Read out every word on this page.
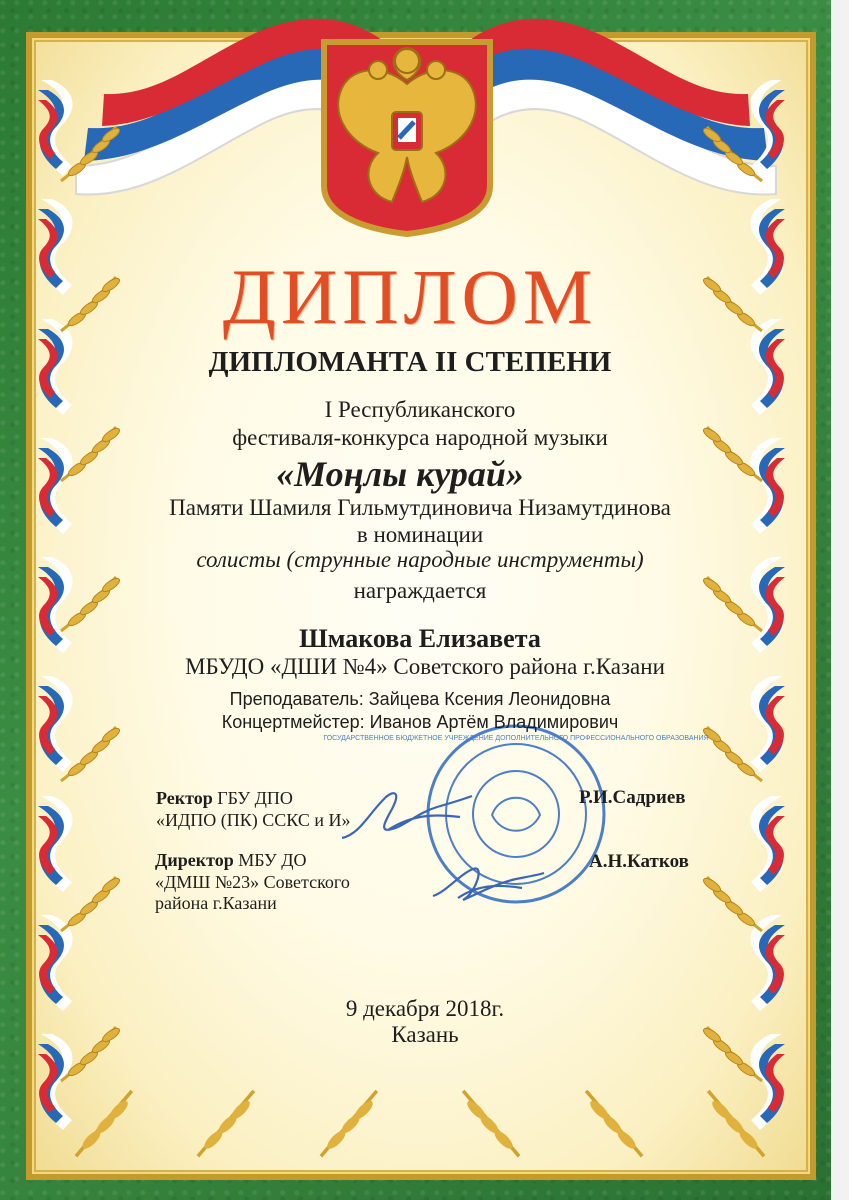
ГОСУДАРСТВЕННОЕ БЮДЖЕТНОЕ УЧРЕЖДЕНИЕ ДОПОЛНИТЕЛЬНОГО ПРОФЕССИОНАЛЬНОГО ОБРАЗОВАНИЯ
ДИПЛОМ
ДИПЛОМАНТА II СТЕПЕНИ
I Республиканского
фестиваля-конкурса народной музыки
«Моңлы курай»
Памяти Шамиля Гильмутдиновича Низамутдинова
в номинации
солисты (струнные народные инструменты)
награждается
Шмакова Елизавета
МБУДО «ДШИ №4» Советского района г.Казани
Преподаватель: Зайцева Ксения Леонидовна
Концертмейстер: Иванов Артём Владимирович
Ректор ГБУ ДПО
«ИДПО (ПК) ССКС и И»
Р.И.Садриев
Директор МБУ ДО
«ДМШ №23» Советского
района г.Казани
А.Н.Катков
9 декабря 2018г.
Казань
